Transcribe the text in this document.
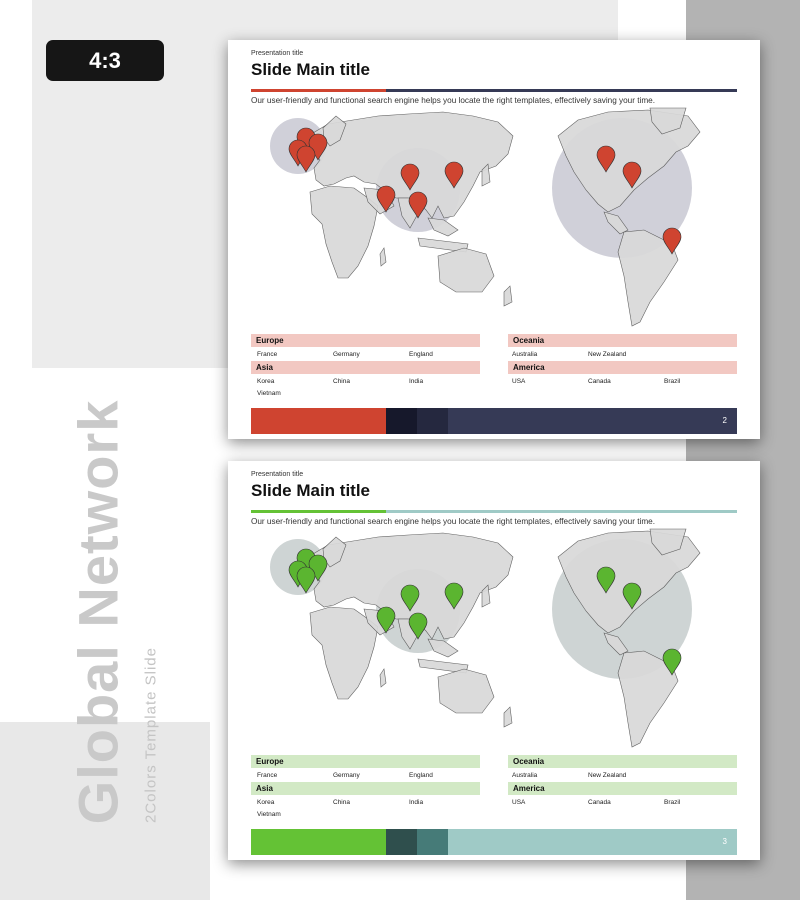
4:3
Global Network 2Colors Template Slide
Presentation title
Slide Main title
Our user-friendly and functional search engine helps you locate the right templates, effectively saving your time.
Europe
France	Germany	England
Asia
Korea	China	India
Vietnam
Oceania
Australia	New Zealand
America
USA	Canada	Brazil
2
Presentation title
Slide Main title
Our user-friendly and functional search engine helps you locate the right templates, effectively saving your time.
Europe
France	Germany	England
Asia
Korea	China	India
Vietnam
Oceania
Australia	New Zealand
America
USA	Canada	Brazil
3
